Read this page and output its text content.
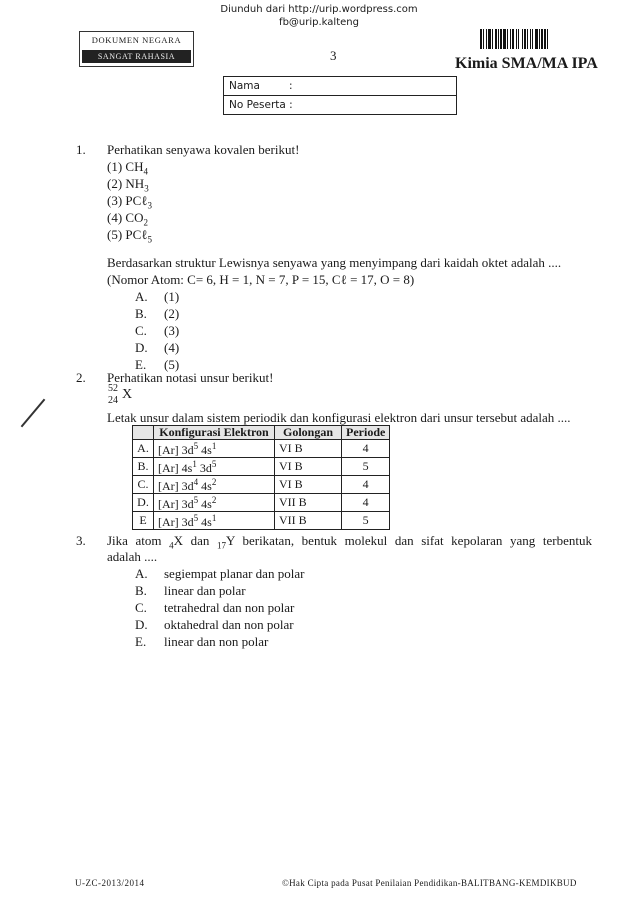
Diunduh dari http://urip.wordpress.com
fb@urip.kalteng
DOKUMEN NEGARA
SANGAT RAHASIA	3	Kimia SMA/MA IPA
Nama	:
No Peserta :
1. Perhatikan senyawa kovalen berikut!
(1) $CH_4$
(2) $NH_3$
(3) PCℓ$_3$
(4) $CO_2$
(5) PCℓ$_5$
Berdasarkan struktur Lewisnya senyawa yang menyimpang dari kaidah oktet adalah ....
(Nomor Atom: C= 6, H = 1, N = 7, P = 15, Cℓ = 17, O = 8)
A. (1)
B. (2)
C. (3)
D. (4)
E. (5)
2. Perhatikan notasi unsur berikut!
52
24 X
Letak unsur dalam sistem periodik dan konfigurasi elektron dari unsur tersebut adalah ....
	Konfigurasi Elektron	Golongan	Periode
A.	[Ar] $3d^5$ $4s^1$	VI B	4
B.	[Ar] $4s^1$ $3d^5$	VI B	5
C.	[Ar] $3d^4$ $4s^2$	VI B	4
D.	[Ar] $3d^5$ $4s^2$	VII B	4
E	[Ar] $3d^5$ $4s^1$	VII B	5
3. Jika atom $_4$X dan $_{17}$Y berikatan, bentuk molekul dan sifat kepolaran yang terbentuk
adalah ....
A. segiempat planar dan polar
B. linear dan polar
C. tetrahedral dan non polar
D. oktahedral dan non polar
E. linear dan non polar
U-ZC-2013/2014	©Hak Cipta pada Pusat Penilaian Pendidikan-BALITBANG-KEMDIKBUD
